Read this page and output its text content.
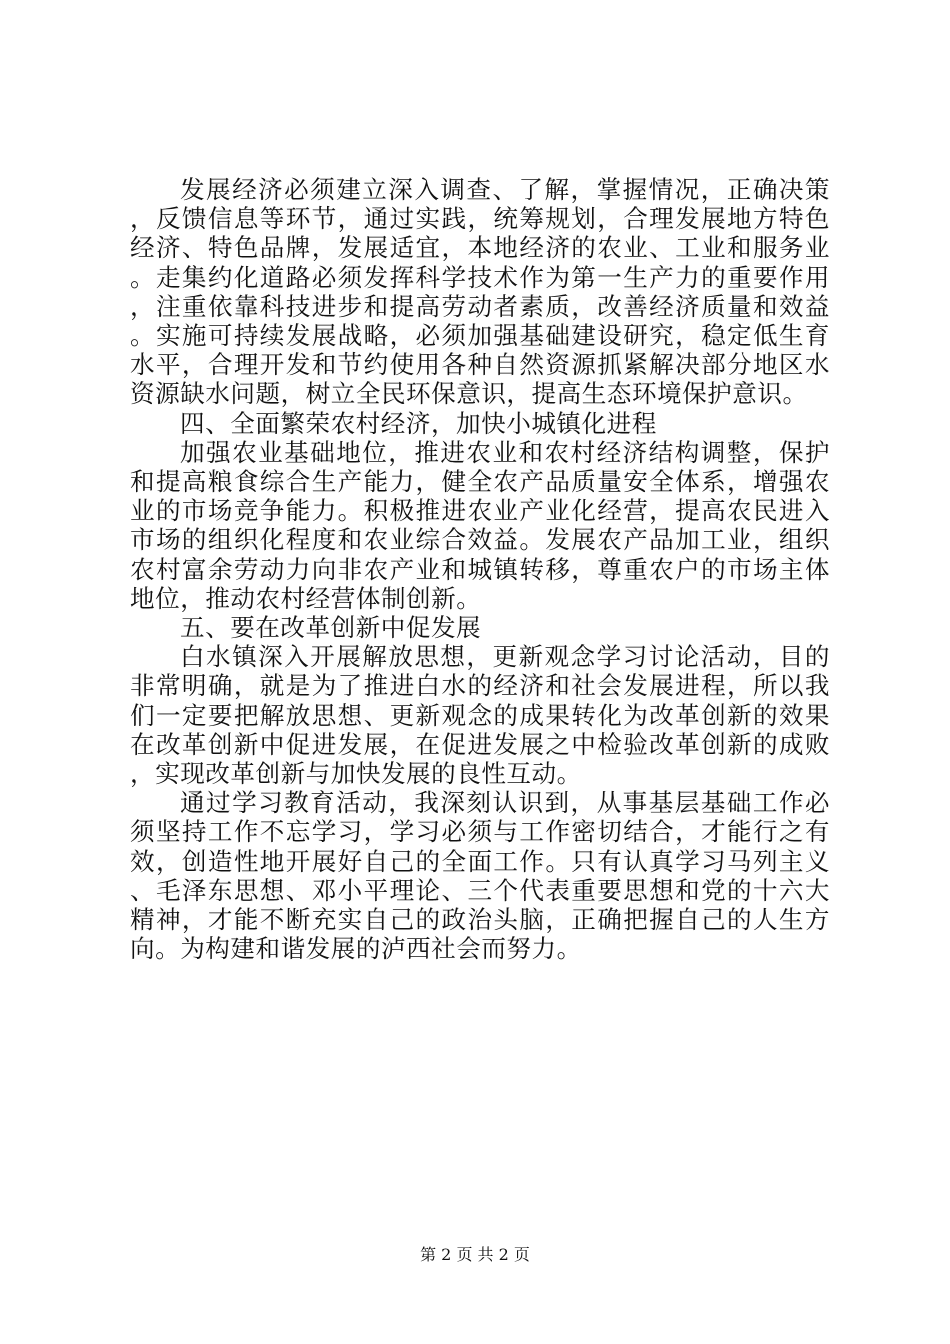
发展经济必须建立深入调查、了解，掌握情况，正确决策，反馈信息等环节，通过实践，统筹规划，合理发展地方特色经济、特色品牌，发展适宜，本地经济的农业、工业和服务业。走集约化道路必须发挥科学技术作为第一生产力的重要作用，注重依靠科技进步和提高劳动者素质，改善经济质量和效益。实施可持续发展战略，必须加强基础建设研究，稳定低生育水平，合理开发和节约使用各种自然资源抓紧解决部分地区水资源缺水问题，树立全民环保意识，提高生态环境保护意识。

四、全面繁荣农村经济，加快小城镇化进程

加强农业基础地位，推进农业和农村经济结构调整，保护和提高粮食综合生产能力，健全农产品质量安全体系，增强农业的市场竞争能力。积极推进农业产业化经营，提高农民进入市场的组织化程度和农业综合效益。发展农产品加工业，组织农村富余劳动力向非农产业和城镇转移，尊重农户的市场主体地位，推动农村经营体制创新。

五、要在改革创新中促发展

白水镇深入开展解放思想，更新观念学习讨论活动，目的非常明确，就是为了推进白水的经济和社会发展进程，所以我们一定要把解放思想、更新观念的成果转化为改革创新的效果在改革创新中促进发展，在促进发展之中检验改革创新的成败，实现改革创新与加快发展的良性互动。

通过学习教育活动，我深刻认识到，从事基层基础工作必须坚持工作不忘学习，学习必须与工作密切结合，才能行之有效，创造性地开展好自己的全面工作。只有认真学习马列主义、毛泽东思想、邓小平理论、三个代表重要思想和党的十六大精神，才能不断充实自己的政治头脑，正确把握自己的人生方向。为构建和谐发展的泸西社会而努力。

第 2 页 共 2 页
